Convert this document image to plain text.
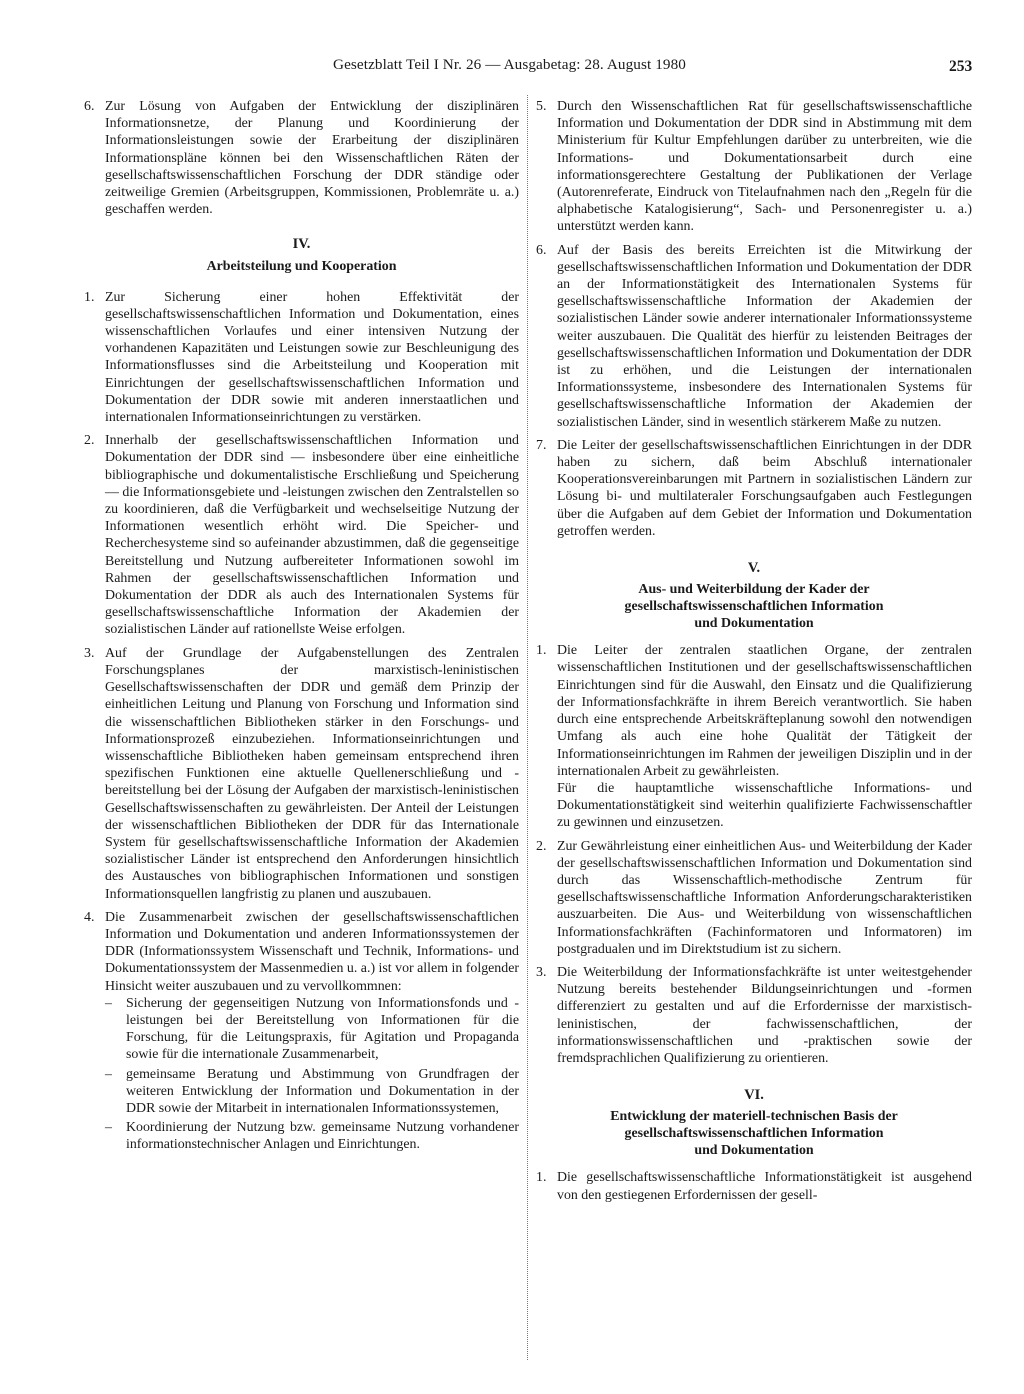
Gesetzblatt Teil I Nr. 26 — Ausgabetag: 28. August 1980	253
6. Zur Lösung von Aufgaben der Entwicklung der disziplinären Informationsnetze, der Planung und Koordinierung der Informationsleistungen sowie der Erarbeitung der disziplinären Informationspläne können bei den Wissenschaftlichen Räten der gesellschaftswissenschaftlichen Forschung der DDR ständige oder zeitweilige Gremien (Arbeitsgruppen, Kommissionen, Problemräte u. a.) geschaffen werden.

IV.
Arbeitsteilung und Kooperation
1. Zur Sicherung einer hohen Effektivität der gesellschaftswissenschaftlichen Information und Dokumentation, eines wissenschaftlichen Vorlaufes und einer intensiven Nutzung der vorhandenen Kapazitäten und Leistungen sowie zur Beschleunigung des Informationsflusses sind die Arbeitsteilung und Kooperation mit Einrichtungen der gesellschaftswissenschaftlichen Information und Dokumentation der DDR sowie mit anderen innerstaatlichen und internationalen Informationseinrichtungen zu verstärken.

2. Innerhalb der gesellschaftswissenschaftlichen Information und Dokumentation der DDR sind — insbesondere über eine einheitliche bibliographische und dokumentalistische Erschließung und Speicherung — die Informationsgebiete und -leistungen zwischen den Zentralstellen so zu koordinieren, daß die Verfügbarkeit und wechselseitige Nutzung der Informationen wesentlich erhöht wird. Die Speicher- und Recherchesysteme sind so aufeinander abzustimmen, daß die gegenseitige Bereitstellung und Nutzung aufbereiteter Informationen sowohl im Rahmen der gesellschaftswissenschaftlichen Information und Dokumentation der DDR als auch des Internationalen Systems für gesellschaftswissenschaftliche Information der Akademien der sozialistischen Länder auf rationellste Weise erfolgen.

3. Auf der Grundlage der Aufgabenstellungen des Zentralen Forschungsplanes der marxistisch-leninistischen Gesellschaftswissenschaften der DDR und gemäß dem Prinzip der einheitlichen Leitung und Planung von Forschung und Information sind die wissenschaftlichen Bibliotheken stärker in den Forschungs- und Informationsprozeß einzubeziehen. Informationseinrichtungen und wissenschaftliche Bibliotheken haben gemeinsam entsprechend ihren spezifischen Funktionen eine aktuelle Quellenerschließung und -bereitstellung bei der Lösung der Aufgaben der marxistisch-leninistischen Gesellschaftswissenschaften zu gewährleisten. Der Anteil der Leistungen der wissenschaftlichen Bibliotheken der DDR für das Internationale System für gesellschaftswissenschaftliche Information der Akademien sozialistischer Länder ist entsprechend den Anforderungen hinsichtlich des Austausches von bibliographischen Informationen und sonstigen Informationsquellen langfristig zu planen und auszubauen.

4. Die Zusammenarbeit zwischen der gesellschaftswissenschaftlichen Information und Dokumentation und anderen Informationssystemen der DDR (Informationssystem Wissenschaft und Technik, Informations- und Dokumentationssystem der Massenmedien u. a.) ist vor allem in folgender Hinsicht weiter auszubauen und zu vervollkommnen:

– Sicherung der gegenseitigen Nutzung von Informationsfonds und -leistungen bei der Bereitstellung von Informationen für die Forschung, für die Leitungspraxis, für Agitation und Propaganda sowie für die internationale Zusammenarbeit,
– gemeinsame Beratung und Abstimmung von Grundfragen der weiteren Entwicklung der Information und Dokumentation in der DDR sowie der Mitarbeit in internationalen Informationssystemen,
– Koordinierung der Nutzung bzw. gemeinsame Nutzung vorhandener informationstechnischer Anlagen und Einrichtungen.
5. Durch den Wissenschaftlichen Rat für gesellschaftswissenschaftliche Information und Dokumentation der DDR sind in Abstimmung mit dem Ministerium für Kultur Empfehlungen darüber zu unterbreiten, wie die Informations- und Dokumentationsarbeit durch eine informationsgerechtere Gestaltung der Publikationen der Verlage (Autorenreferate, Eindruck von Titelaufnahmen nach den „Regeln für die alphabetische Katalogisierung“, Sach- und Personenregister u. a.) unterstützt werden kann.

6. Auf der Basis des bereits Erreichten ist die Mitwirkung der gesellschaftswissenschaftlichen Information und Dokumentation der DDR an der Informationstätigkeit des Internationalen Systems für gesellschaftswissenschaftliche Information der Akademien der sozialistischen Länder sowie anderer internationaler Informationssysteme weiter auszubauen. Die Qualität des hierfür zu leistenden Beitrages der gesellschaftswissenschaftlichen Information und Dokumentation der DDR ist zu erhöhen, und die Leistungen der internationalen Informationssysteme, insbesondere des Internationalen Systems für gesellschaftswissenschaftliche Information der Akademien der sozialistischen Länder, sind in wesentlich stärkerem Maße zu nutzen.

7. Die Leiter der gesellschaftswissenschaftlichen Einrichtungen in der DDR haben zu sichern, daß beim Abschluß internationaler Kooperationsvereinbarungen mit Partnern in sozialistischen Ländern zur Lösung bi- und multilateraler Forschungsaufgaben auch Festlegungen über die Aufgaben auf dem Gebiet der Information und Dokumentation getroffen werden.

V.
Aus- und Weiterbildung der Kader der
gesellschaftswissenschaftlichen Information
und Dokumentation
1. Die Leiter der zentralen staatlichen Organe, der zentralen wissenschaftlichen Institutionen und der gesellschaftswissenschaftlichen Einrichtungen sind für die Auswahl, den Einsatz und die Qualifizierung der Informationsfachkräfte in ihrem Bereich verantwortlich. Sie haben durch eine entsprechende Arbeitskräfteplanung sowohl den notwendigen Umfang als auch eine hohe Qualität der Tätigkeit der Informationseinrichtungen im Rahmen der jeweiligen Disziplin und in der internationalen Arbeit zu gewährleisten.

Für die hauptamtliche wissenschaftliche Informations- und Dokumentationstätigkeit sind weiterhin qualifizierte Fachwissenschaftler zu gewinnen und einzusetzen.

2. Zur Gewährleistung einer einheitlichen Aus- und Weiterbildung der Kader der gesellschaftswissenschaftlichen Information und Dokumentation sind durch das Wissenschaftlich-methodische Zentrum für gesellschaftswissenschaftliche Information Anforderungscharakteristiken auszuarbeiten. Die Aus- und Weiterbildung von wissenschaftlichen Informationsfachkräften (Fachinformatoren und Informatoren) im postgradualen und im Direktstudium ist zu sichern.

3. Die Weiterbildung der Informationsfachkräfte ist unter weitestgehender Nutzung bereits bestehender Bildungseinrichtungen und -formen differenziert zu gestalten und auf die Erfordernisse der marxistisch-leninistischen, der fachwissenschaftlichen, der informationswissenschaftlichen und -praktischen sowie der fremdsprachlichen Qualifizierung zu orientieren.

VI.
Entwicklung der materiell-technischen Basis der
gesellschaftswissenschaftlichen Information
und Dokumentation
1. Die gesellschaftswissenschaftliche Informationstätigkeit ist ausgehend von den gestiegenen Erfordernissen der gesell-
